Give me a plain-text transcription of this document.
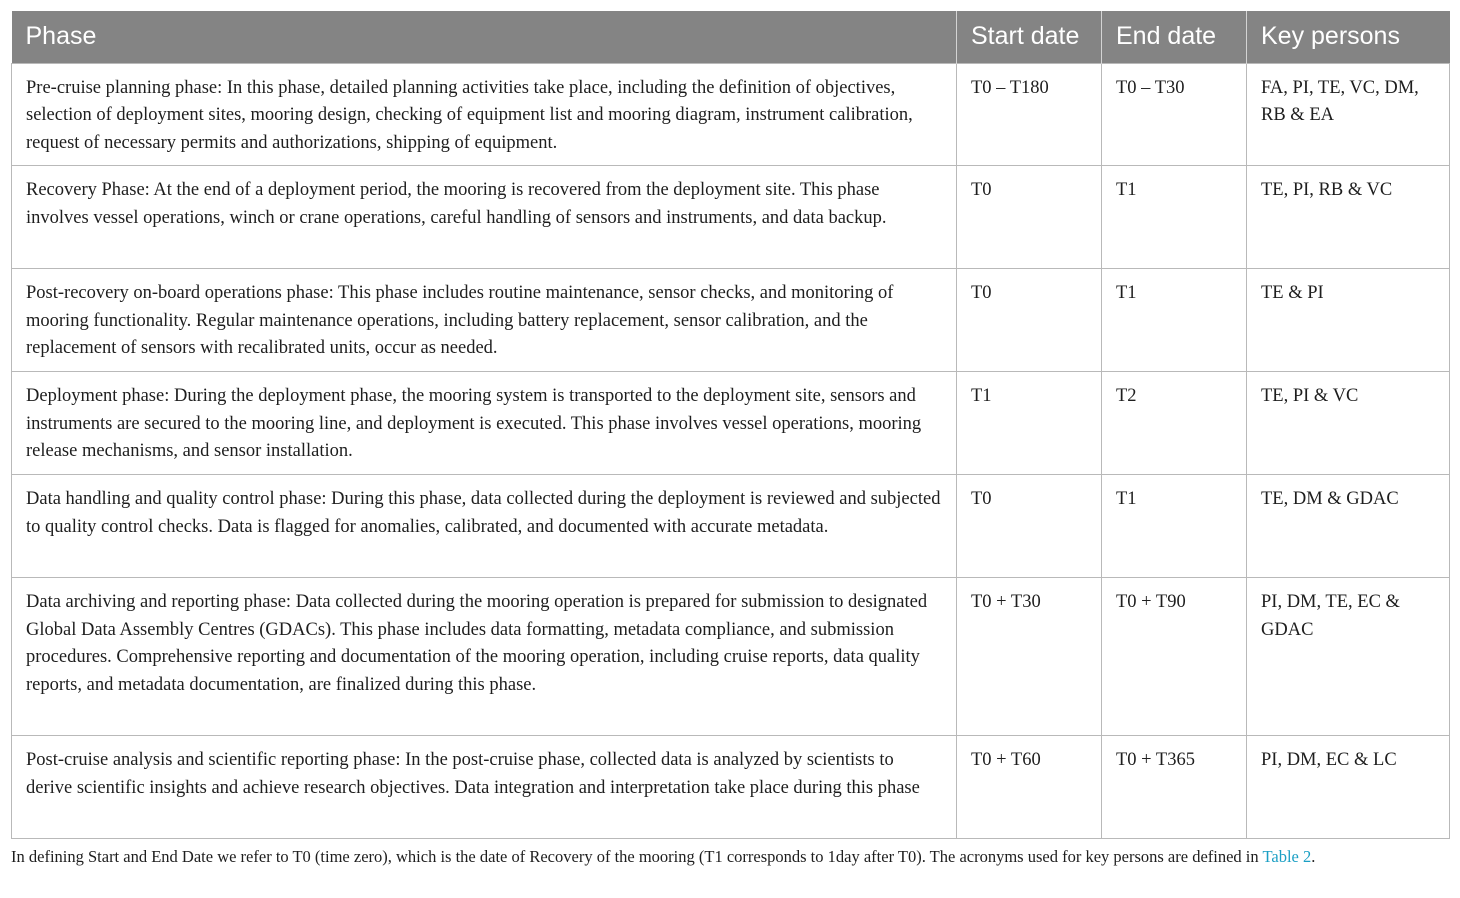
Phase	Start date	End date	Key persons
Pre-cruise planning phase: In this phase, detailed planning activities take place, including the definition of objectives, selection of deployment sites, mooring design, checking of equipment list and mooring diagram, instrument calibration, request of necessary permits and authorizations, shipping of equipment.	T0 – T180	T0 – T30	FA, PI, TE, VC, DM, RB & EA
Recovery Phase: At the end of a deployment period, the mooring is recovered from the deployment site. This phase involves vessel operations, winch or crane operations, careful handling of sensors and instruments, and data backup.	T0	T1	TE, PI, RB & VC
Post-recovery on-board operations phase: This phase includes routine maintenance, sensor checks, and monitoring of mooring functionality. Regular maintenance operations, including battery replacement, sensor calibration, and the replacement of sensors with recalibrated units, occur as needed.	T0	T1	TE & PI
Deployment phase: During the deployment phase, the mooring system is transported to the deployment site, sensors and instruments are secured to the mooring line, and deployment is executed. This phase involves vessel operations, mooring release mechanisms, and sensor installation.	T1	T2	TE, PI & VC
Data handling and quality control phase: During this phase, data collected during the deployment is reviewed and subjected to quality control checks. Data is flagged for anomalies, calibrated, and documented with accurate metadata.	T0	T1	TE, DM & GDAC
Data archiving and reporting phase: Data collected during the mooring operation is prepared for submission to designated Global Data Assembly Centres (GDACs). This phase includes data formatting, metadata compliance, and submission procedures. Comprehensive reporting and documentation of the mooring operation, including cruise reports, data quality reports, and metadata documentation, are finalized during this phase.	T0 + T30	T0 + T90	PI, DM, TE, EC & GDAC
Post-cruise analysis and scientific reporting phase: In the post-cruise phase, collected data is analyzed by scientists to derive scientific insights and achieve research objectives. Data integration and interpretation take place during this phase	T0 + T60	T0 + T365	PI, DM, EC & LC
In defining Start and End Date we refer to T0 (time zero), which is the date of Recovery of the mooring (T1 corresponds to 1day after T0). The acronyms used for key persons are defined in Table 2.
